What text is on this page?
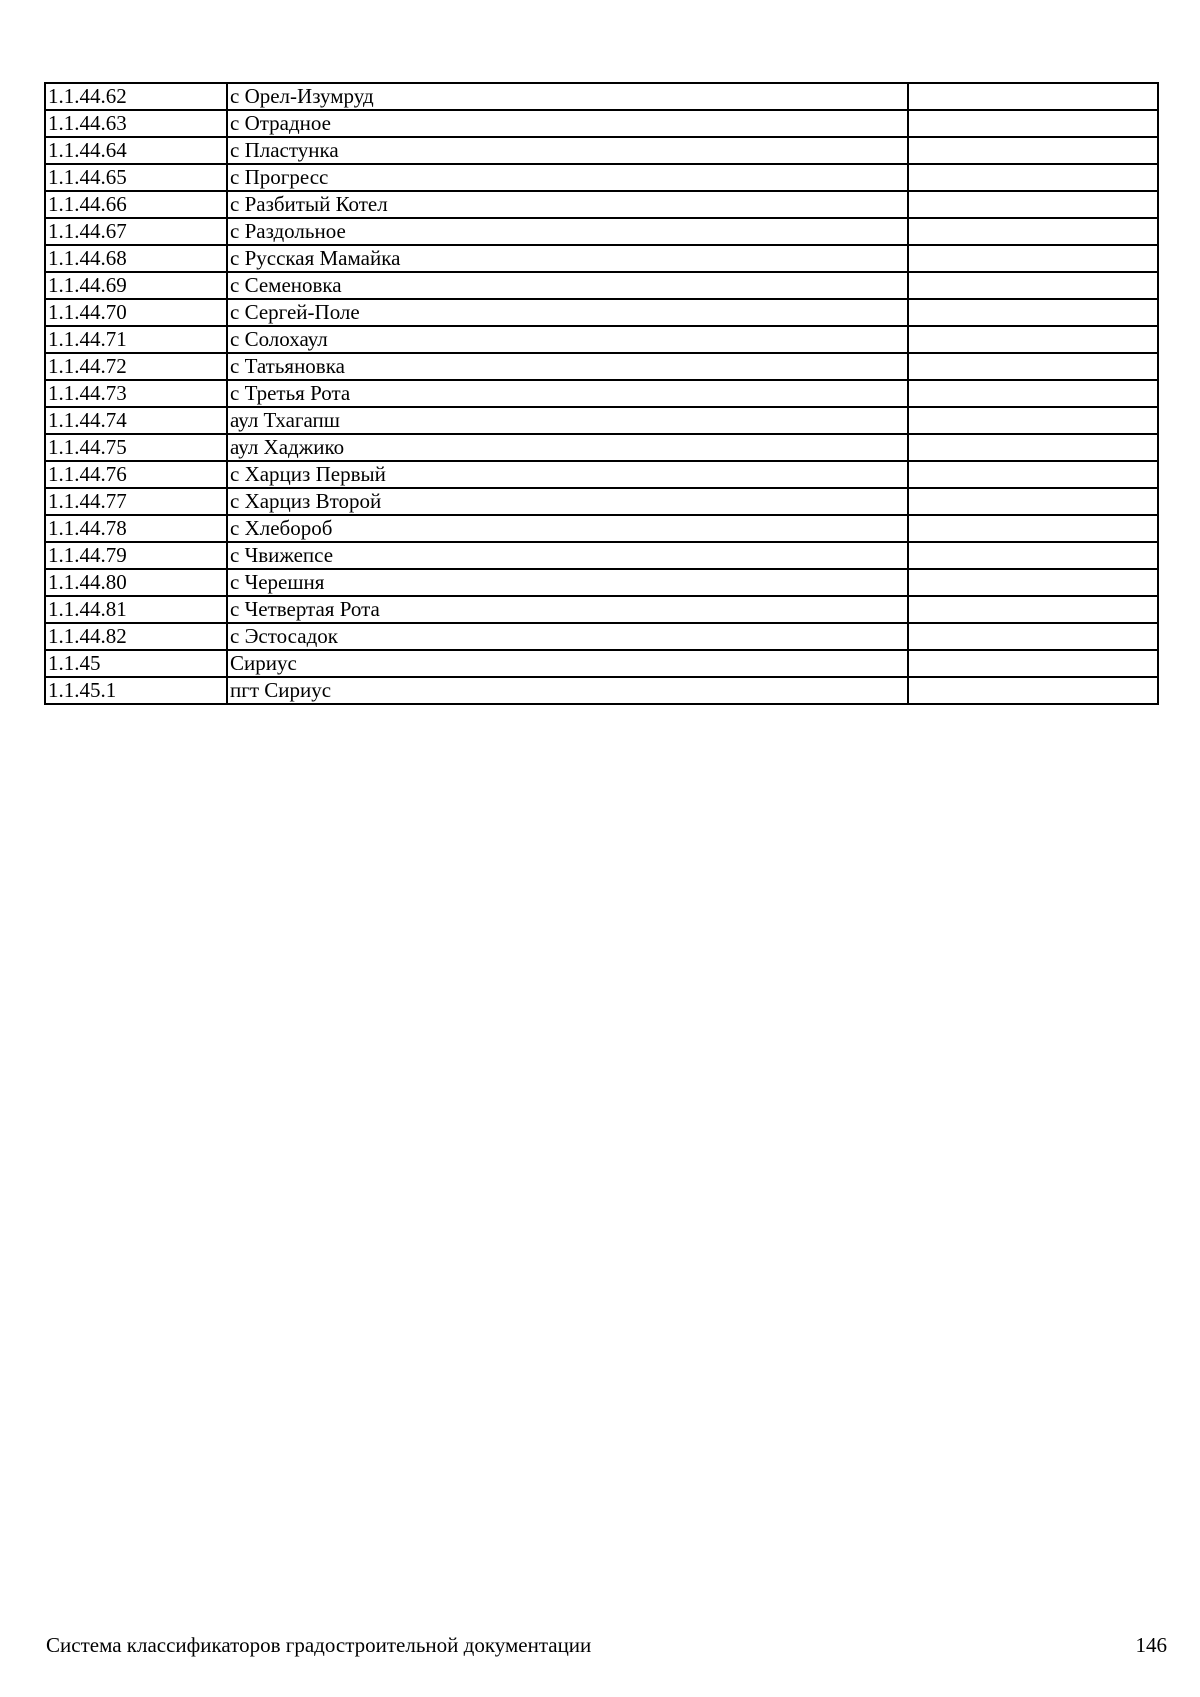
1.1.44.62	с Орел-Изумруд	
1.1.44.63	с Отрадное	
1.1.44.64	с Пластунка	
1.1.44.65	с Прогресс	
1.1.44.66	с Разбитый Котел	
1.1.44.67	с Раздольное	
1.1.44.68	с Русская Мамайка	
1.1.44.69	с Семеновка	
1.1.44.70	с Сергей-Поле	
1.1.44.71	с Солохаул	
1.1.44.72	с Татьяновка	
1.1.44.73	с Третья Рота	
1.1.44.74	аул Тхагапш	
1.1.44.75	аул Хаджико	
1.1.44.76	с Харциз Первый	
1.1.44.77	с Харциз Второй	
1.1.44.78	с Хлебороб	
1.1.44.79	с Чвижепсе	
1.1.44.80	с Черешня	
1.1.44.81	с Четвертая Рота	
1.1.44.82	с Эстосадок	
1.1.45	Сириус	
1.1.45.1	пгт Сириус	
Система классификаторов градостроительной документации	146
